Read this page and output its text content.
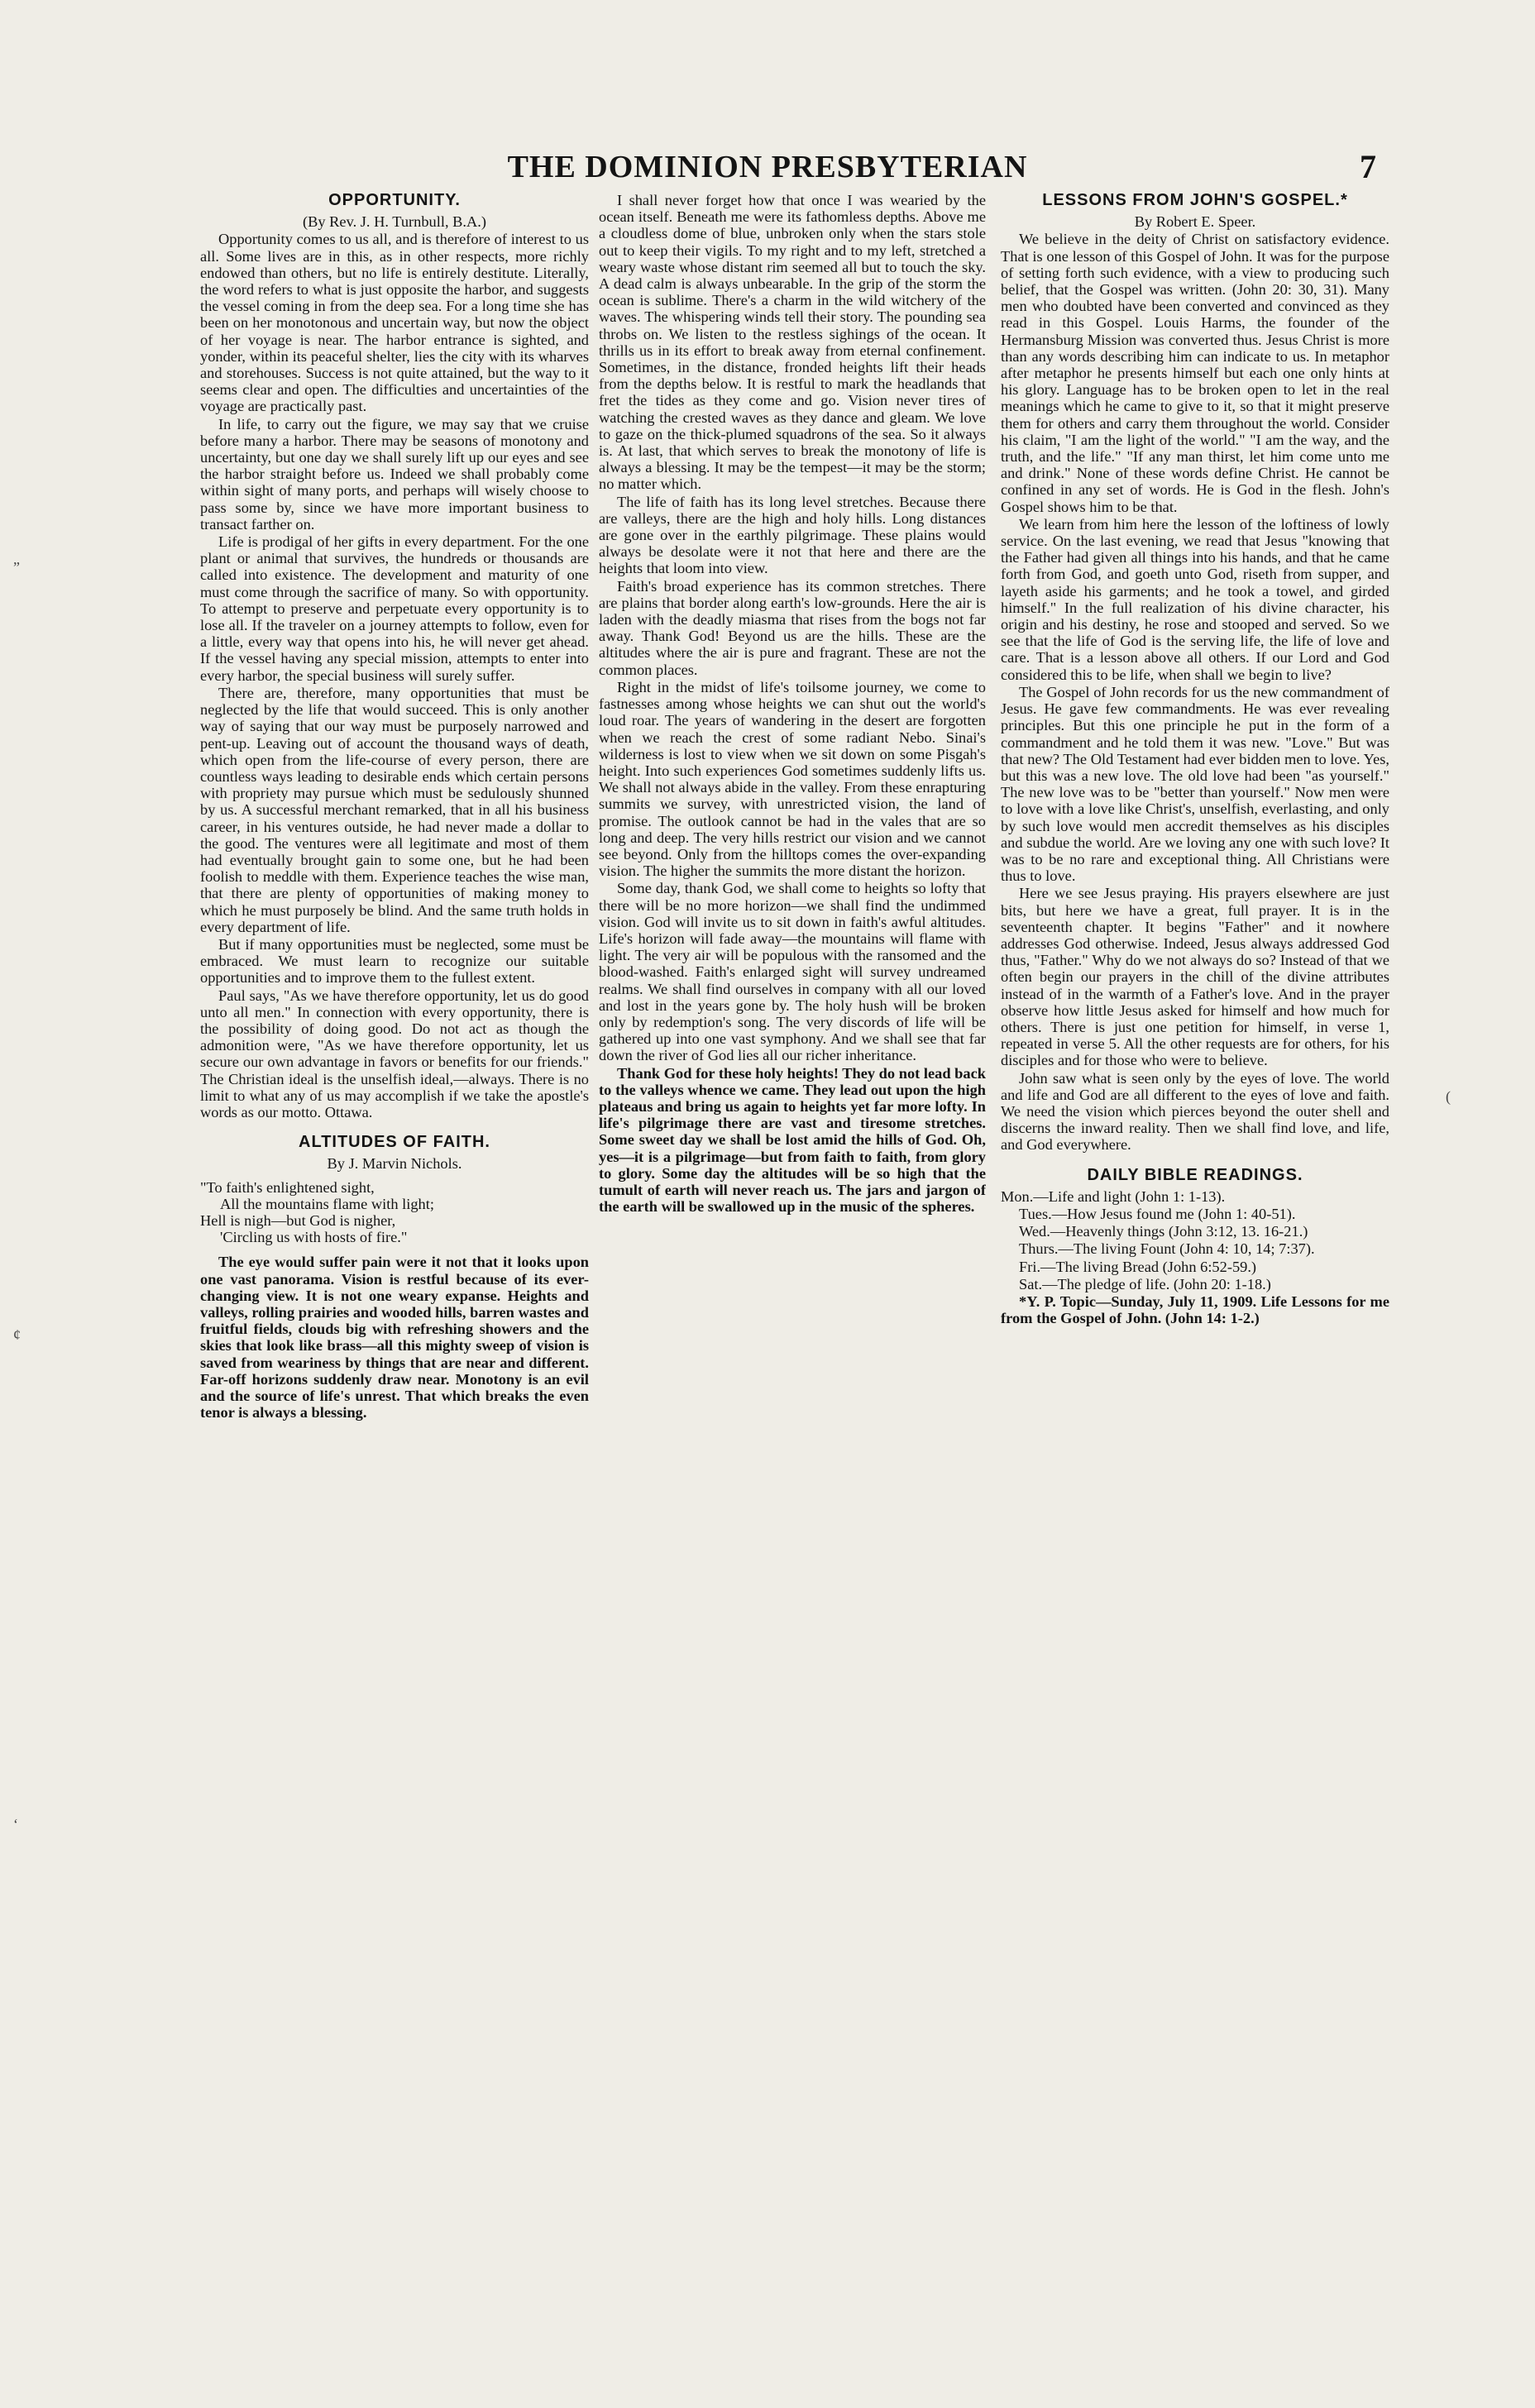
THE DOMINION PRESBYTERIAN	7
”
¢
‘
(
OPPORTUNITY.

(By Rev. J. H. Turnbull, B.A.)

Opportunity comes to us all, and is therefore of interest to us all. Some lives are in this, as in other respects, more richly endowed than others, but no life is entirely destitute. Literally, the word refers to what is just opposite the harbor, and suggests the vessel coming in from the deep sea. For a long time she has been on her monotonous and uncertain way, but now the object of her voyage is near. The harbor entrance is sighted, and yonder, within its peaceful shelter, lies the city with its wharves and storehouses. Success is not quite attained, but the way to it seems clear and open. The difficulties and uncertainties of the voyage are practically past.

In life, to carry out the figure, we may say that we cruise before many a harbor. There may be seasons of monotony and uncertainty, but one day we shall surely lift up our eyes and see the harbor straight before us. Indeed we shall probably come within sight of many ports, and perhaps will wisely choose to pass some by, since we have more important business to transact farther on.

Life is prodigal of her gifts in every department. For the one plant or animal that survives, the hundreds or thousands are called into existence. The development and maturity of one must come through the sacrifice of many. So with opportunity. To attempt to preserve and perpetuate every opportunity is to lose all. If the traveler on a journey attempts to follow, even for a little, every way that opens into his, he will never get ahead. If the vessel having any special mission, attempts to enter into every harbor, the special business will surely suffer.

There are, therefore, many opportunities that must be neglected by the life that would succeed. This is only another way of saying that our way must be purposely narrowed and pent-up. Leaving out of account the thousand ways of death, which open from the life-course of every person, there are countless ways leading to desirable ends which certain persons with propriety may pursue which must be sedulously shunned by us. A successful merchant remarked, that in all his business career, in his ventures outside, he had never made a dollar to the good. The ventures were all legitimate and most of them had eventually brought gain to some one, but he had been foolish to meddle with them. Experience teaches the wise man, that there are plenty of opportunities of making money to which he must purposely be blind. And the same truth holds in every department of life.

But if many opportunities must be neglected, some must be embraced. We must learn to recognize our suitable opportunities and to improve them to the fullest extent.

Paul says, "As we have therefore opportunity, let us do good unto all men." In connection with every opportunity, there is the possibility of doing good. Do not act as though the admonition were, "As we have therefore opportunity, let us secure our own advantage in favors or benefits for our friends." The Christian ideal is the unselfish ideal,—always. There is no limit to what any of us may accomplish if we take the apostle's words as our motto. Ottawa.

ALTITUDES OF FAITH.

By J. Marvin Nichols.

"To faith's enlightened sight,
All the mountains flame with light;
Hell is nigh—but God is nigher,
'Circling us with hosts of fire."

The eye would suffer pain were it not that it looks upon one vast panorama. Vision is restful because of its ever-changing view. It is not one weary expanse. Heights and valleys, rolling prairies and wooded hills, barren wastes and fruitful fields, clouds big with refreshing showers and the skies that look like brass—all this mighty sweep of vision is saved from weariness by things that are near and different. Far-off horizons suddenly draw near. Monotony is an evil and the source of life's unrest. That which breaks the even tenor is always a blessing.

I shall never forget how that once I was wearied by the ocean itself. Beneath me were its fathomless depths. Above me a cloudless dome of blue, unbroken only when the stars stole out to keep their vigils. To my right and to my left, stretched a weary waste whose distant rim seemed all but to touch the sky. A dead calm is always unbearable. In the grip of the storm the ocean is sublime. There's a charm in the wild witchery of the waves. The whispering winds tell their story. The pounding sea throbs on. We listen to the restless sighings of the ocean. It thrills us in its effort to break away from eternal confinement. Sometimes, in the distance, fronded heights lift their heads from the depths below. It is restful to mark the headlands that fret the tides as they come and go. Vision never tires of watching the crested waves as they dance and gleam. We love to gaze on the thick-plumed squadrons of the sea. So it always is. At last, that which serves to break the monotony of life is always a blessing. It may be the tempest—it may be the storm; no matter which.

The life of faith has its long level stretches. Because there are valleys, there are the high and holy hills. Long distances are gone over in the earthly pilgrimage. These plains would always be desolate were it not that here and there are the heights that loom into view.

Faith's broad experience has its common stretches. There are plains that border along earth's low-grounds. Here the air is laden with the deadly miasma that rises from the bogs not far away. Thank God! Beyond us are the hills. These are the altitudes where the air is pure and fragrant. These are not the common places.

Right in the midst of life's toilsome journey, we come to fastnesses among whose heights we can shut out the world's loud roar. The years of wandering in the desert are forgotten when we reach the crest of some radiant Nebo. Sinai's wilderness is lost to view when we sit down on some Pisgah's height. Into such experiences God sometimes suddenly lifts us. We shall not always abide in the valley. From these enrapturing summits we survey, with unrestricted vision, the land of promise. The outlook cannot be had in the vales that are so long and deep. The very hills restrict our vision and we cannot see beyond. Only from the hilltops comes the over-expanding vision. The higher the summits the more distant the horizon.

Some day, thank God, we shall come to heights so lofty that there will be no more horizon—we shall find the undimmed vision. God will invite us to sit down in faith's awful altitudes. Life's horizon will fade away—the mountains will flame with light. The very air will be populous with the ransomed and the blood-washed. Faith's enlarged sight will survey undreamed realms. We shall find ourselves in company with all our loved and lost in the years gone by. The holy hush will be broken only by redemption's song. The very discords of life will be gathered up into one vast symphony. And we shall see that far down the river of God lies all our richer inheritance.

Thank God for these holy heights! They do not lead back to the valleys whence we came. They lead out upon the high plateaus and bring us again to heights yet far more lofty. In life's pilgrimage there are vast and tiresome stretches. Some sweet day we shall be lost amid the hills of God. Oh, yes—it is a pilgrimage—but from faith to faith, from glory to glory. Some day the altitudes will be so high that the tumult of earth will never reach us. The jars and jargon of the earth will be swallowed up in the music of the spheres.

LESSONS FROM JOHN'S GOSPEL.*

By Robert E. Speer.

We believe in the deity of Christ on satisfactory evidence. That is one lesson of this Gospel of John. It was for the purpose of setting forth such evidence, with a view to producing such belief, that the Gospel was written. (John 20: 30, 31). Many men who doubted have been converted and convinced as they read in this Gospel. Louis Harms, the founder of the Hermansburg Mission was converted thus. Jesus Christ is more than any words describing him can indicate to us. In metaphor after metaphor he presents himself but each one only hints at his glory. Language has to be broken open to let in the real meanings which he came to give to it, so that it might preserve them for others and carry them throughout the world. Consider his claim, "I am the light of the world." "I am the way, and the truth, and the life." "If any man thirst, let him come unto me and drink." None of these words define Christ. He cannot be confined in any set of words. He is God in the flesh. John's Gospel shows him to be that.

We learn from him here the lesson of the loftiness of lowly service. On the last evening, we read that Jesus "knowing that the Father had given all things into his hands, and that he came forth from God, and goeth unto God, riseth from supper, and layeth aside his garments; and he took a towel, and girded himself." In the full realization of his divine character, his origin and his destiny, he rose and stooped and served. So we see that the life of God is the serving life, the life of love and care. That is a lesson above all others. If our Lord and God considered this to be life, when shall we begin to live?

The Gospel of John records for us the new commandment of Jesus. He gave few commandments. He was ever revealing principles. But this one principle he put in the form of a commandment and he told them it was new. "Love." But was that new? The Old Testament had ever bidden men to love. Yes, but this was a new love. The old love had been "as yourself." The new love was to be "better than yourself." Now men were to love with a love like Christ's, unselfish, everlasting, and only by such love would men accredit themselves as his disciples and subdue the world. Are we loving any one with such love? It was to be no rare and exceptional thing. All Christians were thus to love.

Here we see Jesus praying. His prayers elsewhere are just bits, but here we have a great, full prayer. It is in the seventeenth chapter. It begins "Father" and it nowhere addresses God otherwise. Indeed, Jesus always addressed God thus, "Father." Why do we not always do so? Instead of that we often begin our prayers in the chill of the divine attributes instead of in the warmth of a Father's love. And in the prayer observe how little Jesus asked for himself and how much for others. There is just one petition for himself, in verse 1, repeated in verse 5. All the other requests are for others, for his disciples and for those who were to believe.

John saw what is seen only by the eyes of love. The world and life and God are all different to the eyes of love and faith. We need the vision which pierces beyond the outer shell and discerns the inward reality. Then we shall find love, and life, and God everywhere.

DAILY BIBLE READINGS.

Mon.—Life and light (John 1: 1-13).

Tues.—How Jesus found me (John 1: 40-51).

Wed.—Heavenly things (John 3:12, 13. 16-21.)

Thurs.—The living Fount (John 4: 10, 14; 7:37).

Fri.—The living Bread (John 6:52-59.)

Sat.—The pledge of life. (John 20: 1-18.)

*Y. P. Topic—Sunday, July 11, 1909. Life Lessons for me from the Gospel of John. (John 14: 1-2.)
